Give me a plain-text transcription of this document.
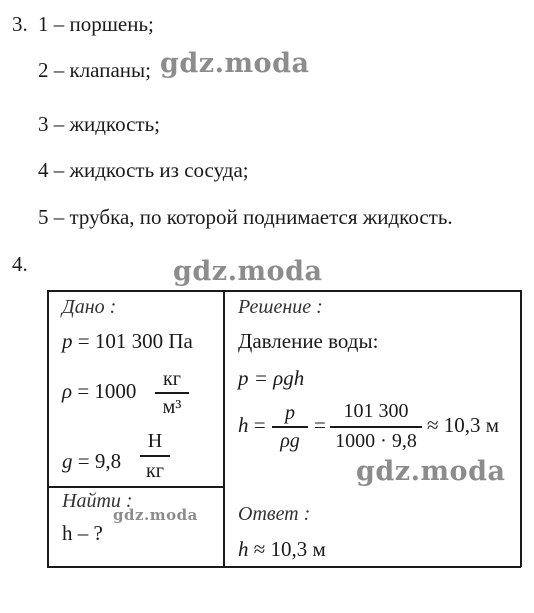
3. 1 – поршень;
2 – клапаны;
3 – жидкость;
4 – жидкость из сосуда;
5 – трубка, по которой поднимается жидкость.
gdz.moda
4.	gdz.moda
Дано :
p = 101 300 Па
ρ = 1000	кг
м³
g = 9,8
Н
кг
Найти :
gdz.moda
h – ?
Решение :
Давление воды:
p = ρgh
h = p
ρg
=
101 300
1000 · 9,8
≈ 10,3 м
gdz.moda
Ответ :
h ≈ 10,3 м
